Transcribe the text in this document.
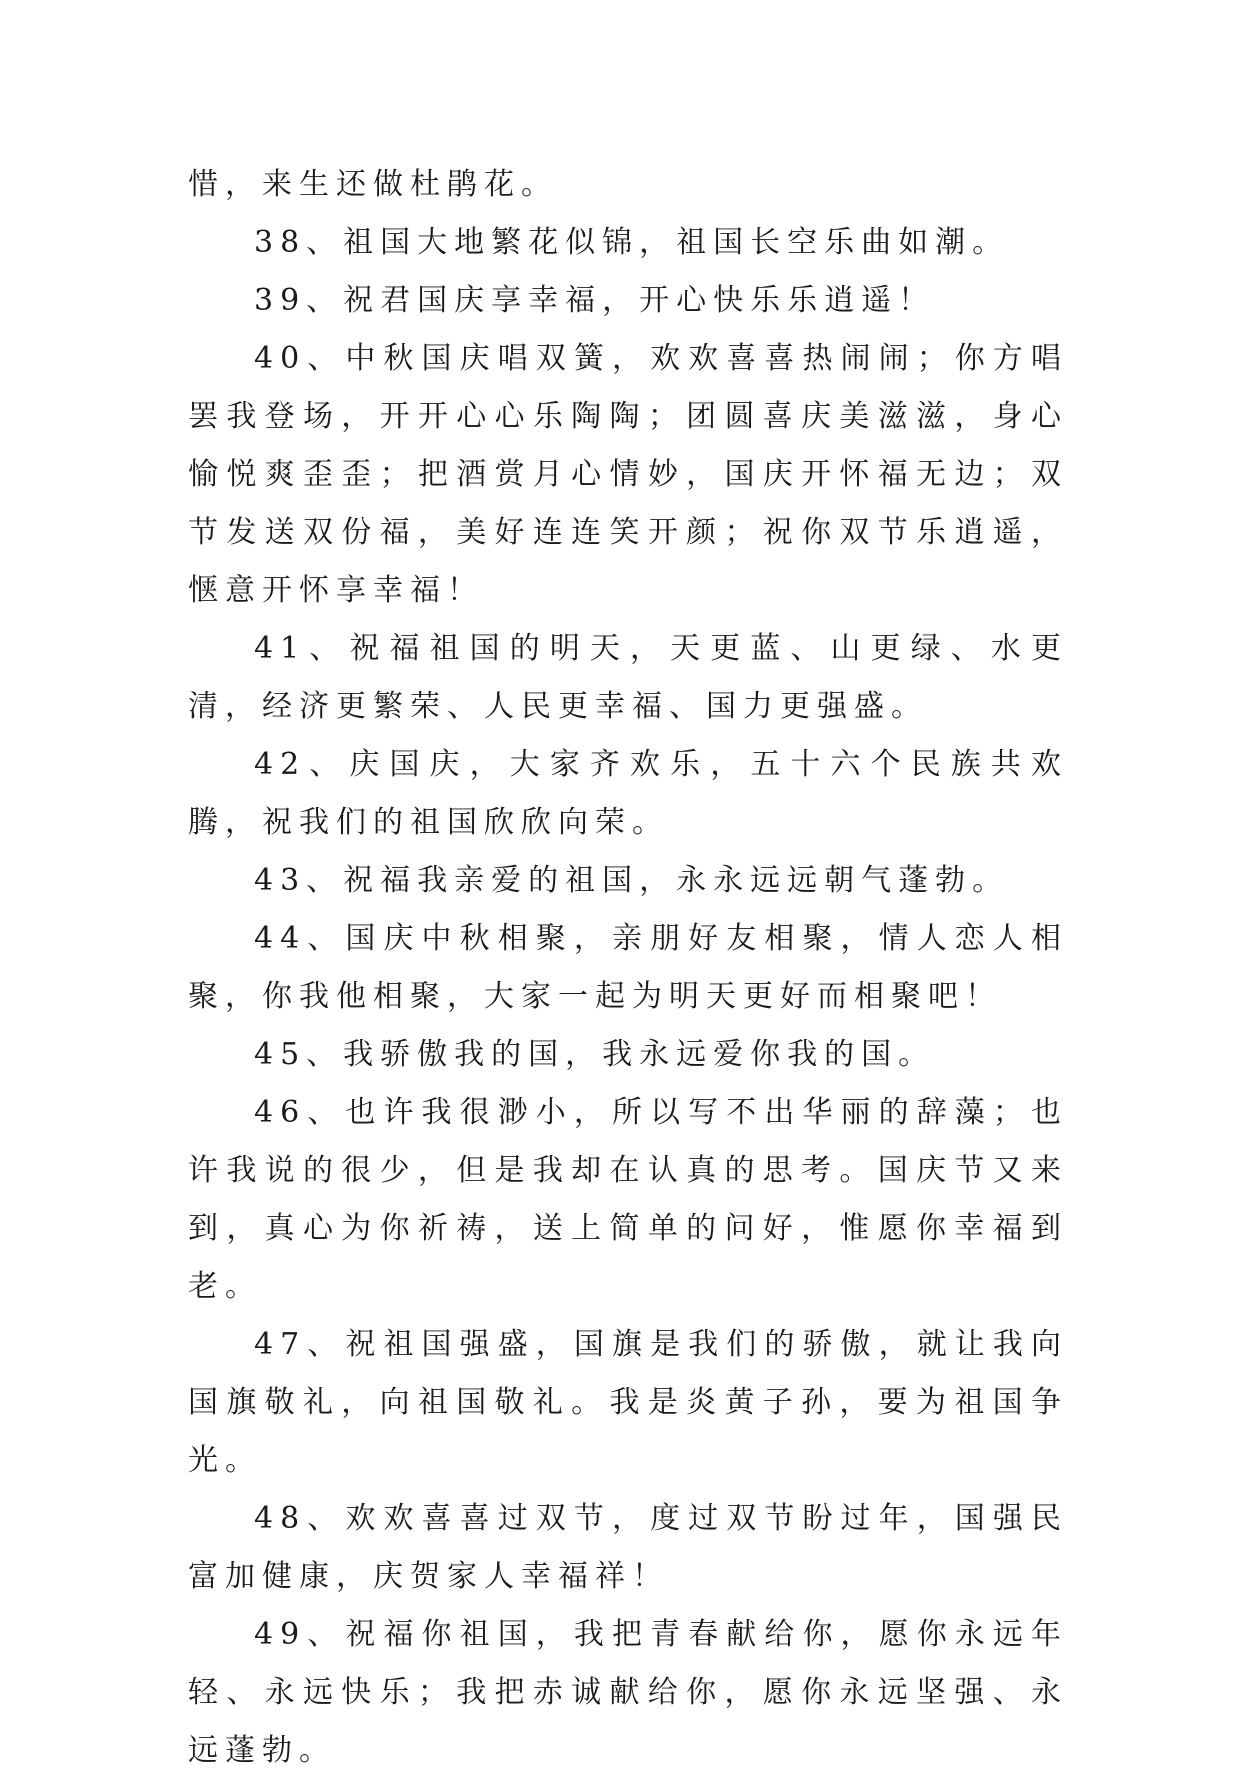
惜，来生还做杜鹃花。

38、祖国大地繁花似锦，祖国长空乐曲如潮。

39、祝君国庆享幸福，开心快乐乐逍遥！

40、中秋国庆唱双簧，欢欢喜喜热闹闹；你方唱罢我登场，开开心心乐陶陶；团圆喜庆美滋滋，身心愉悦爽歪歪；把酒赏月心情妙，国庆开怀福无边；双节发送双份福，美好连连笑开颜；祝你双节乐逍遥，惬意开怀享幸福！

41、祝福祖国的明天，天更蓝、山更绿、水更清，经济更繁荣、人民更幸福、国力更强盛。

42、庆国庆，大家齐欢乐，五十六个民族共欢腾，祝我们的祖国欣欣向荣。

43、祝福我亲爱的祖国，永永远远朝气蓬勃。

44、国庆中秋相聚，亲朋好友相聚，情人恋人相聚，你我他相聚，大家一起为明天更好而相聚吧！

45、我骄傲我的国，我永远爱你我的国。

46、也许我很渺小，所以写不出华丽的辞藻；也许我说的很少，但是我却在认真的思考。国庆节又来到，真心为你祈祷，送上简单的问好，惟愿你幸福到老。

47、祝祖国强盛，国旗是我们的骄傲，就让我向国旗敬礼，向祖国敬礼。我是炎黄子孙，要为祖国争光。

48、欢欢喜喜过双节，度过双节盼过年，国强民富加健康，庆贺家人幸福祥！

49、祝福你祖国，我把青春献给你，愿你永远年轻、永远快乐；我把赤诚献给你，愿你永远坚强、永远蓬勃。
